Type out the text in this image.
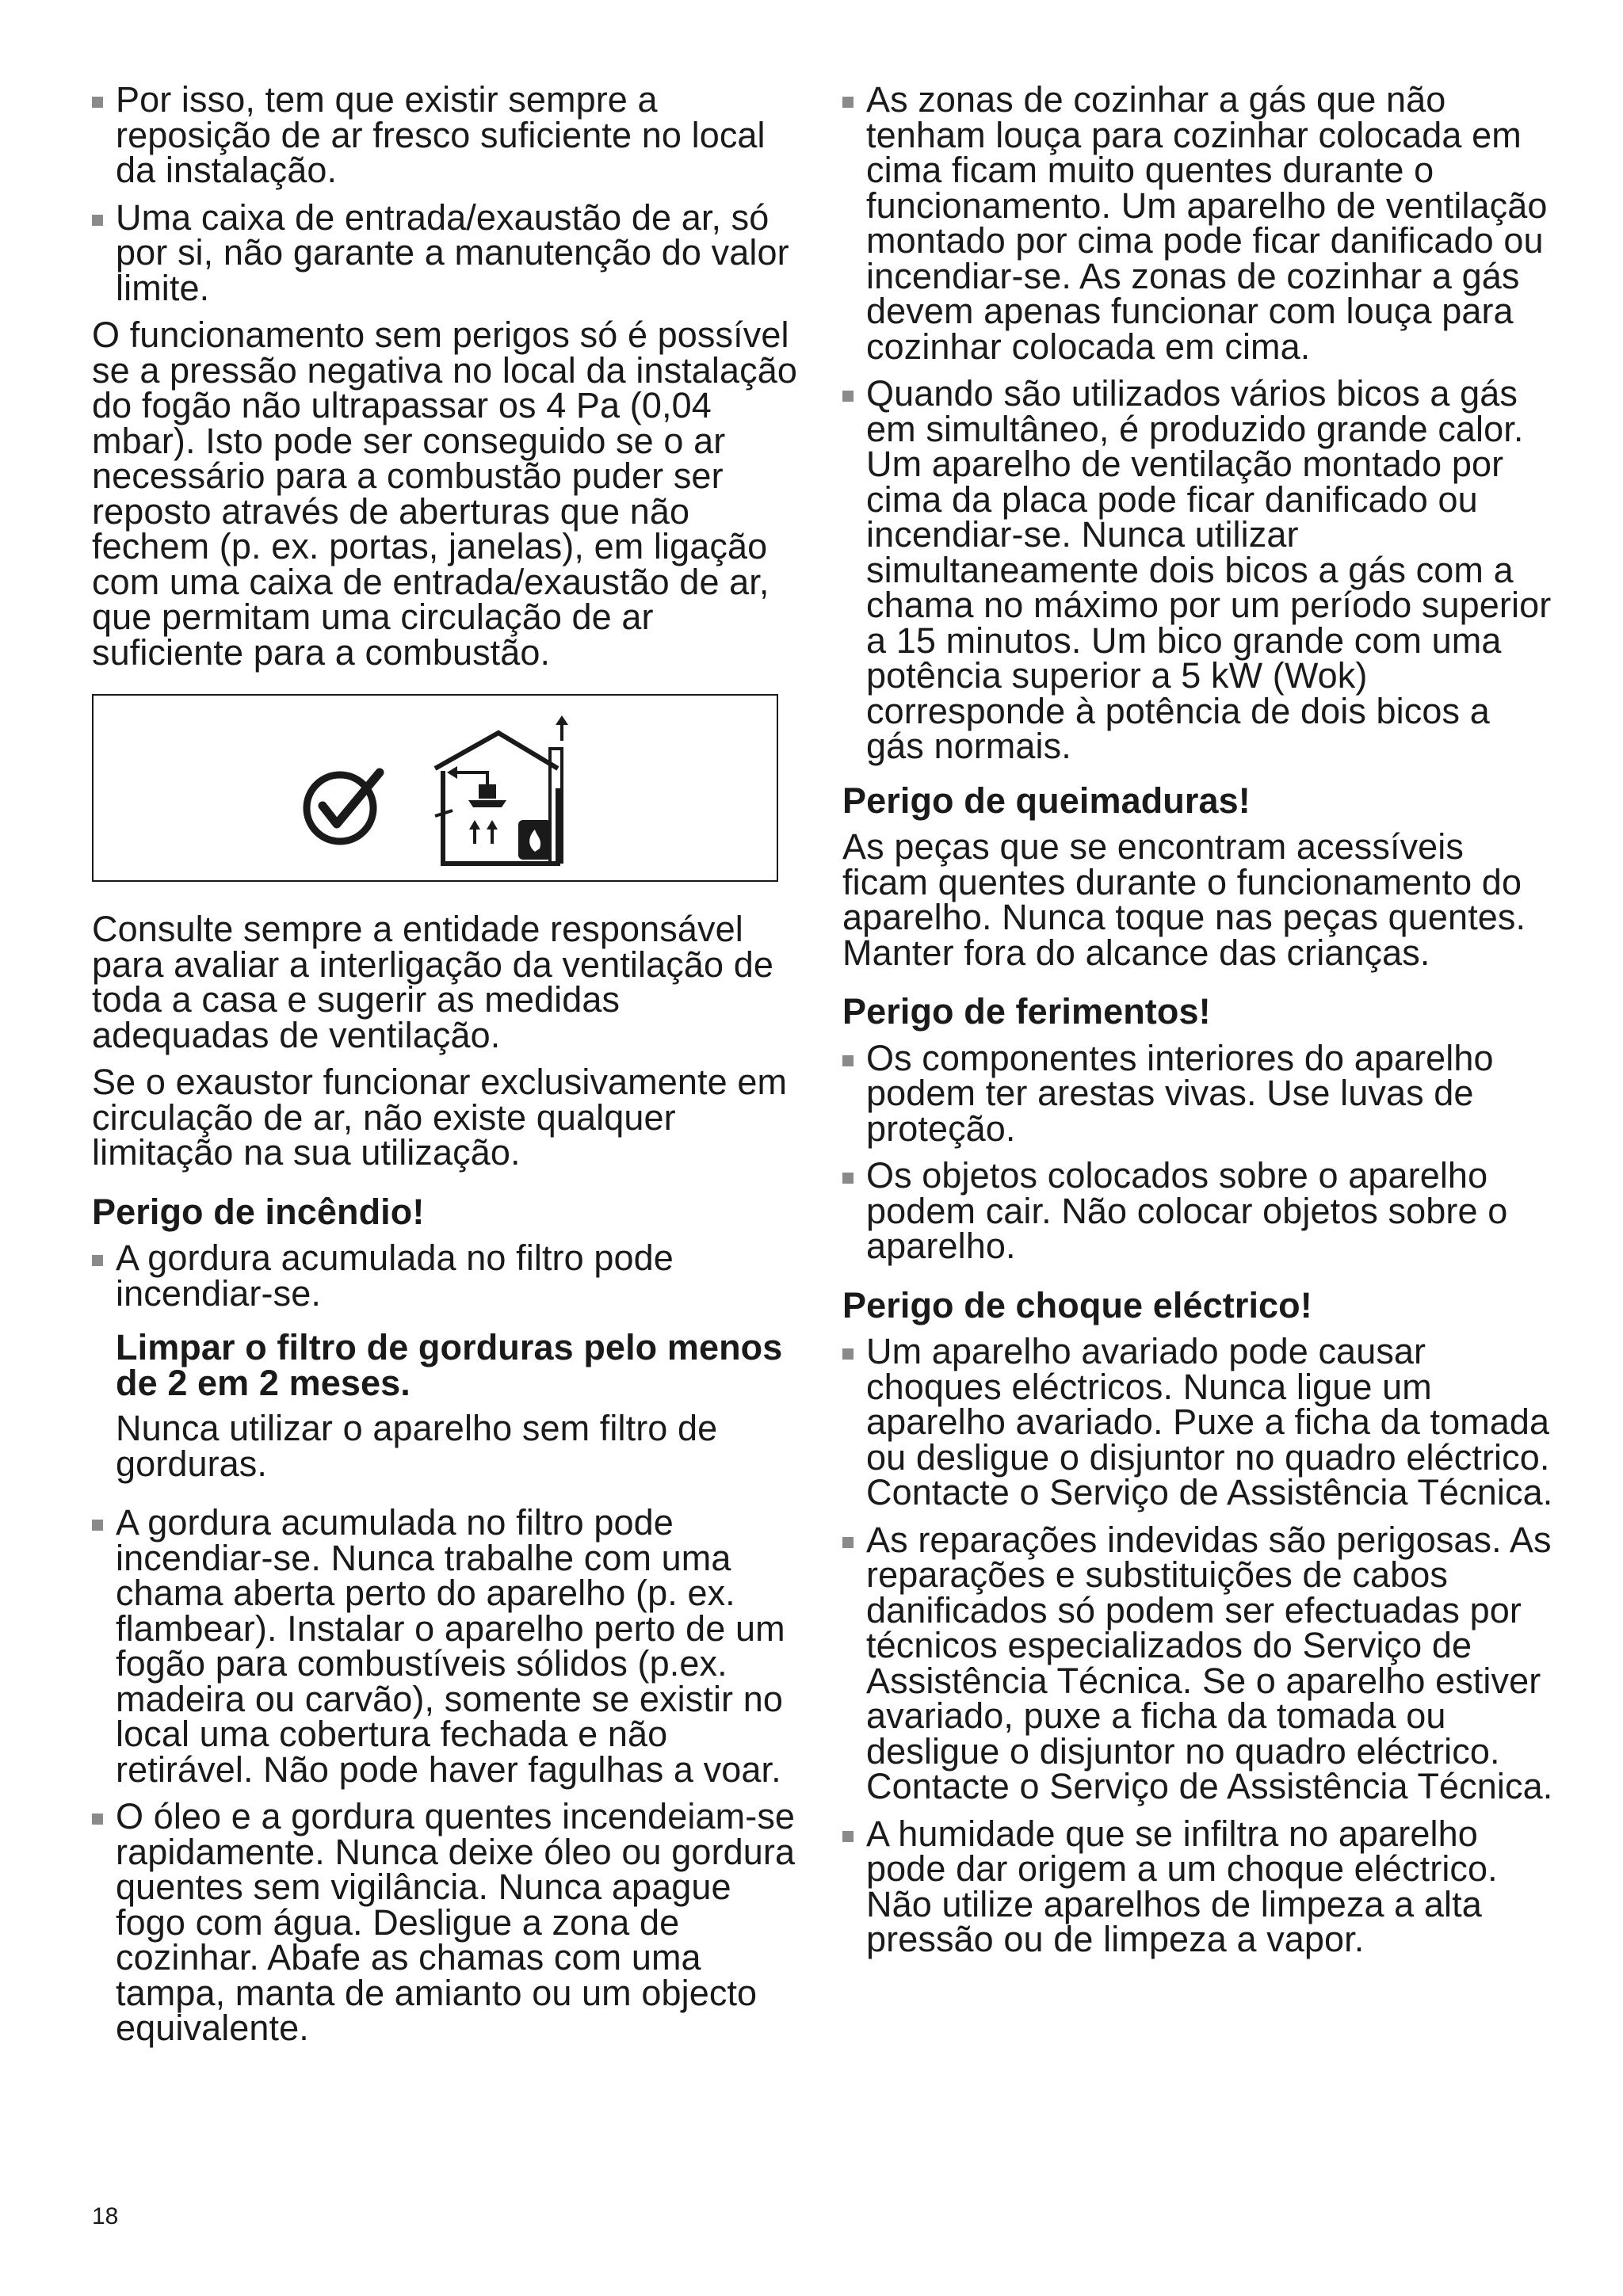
Por isso, tem que existir sempre a reposição de ar fresco suficiente no local da instalação.
Uma caixa de entrada/exaustão de ar, só por si, não garante a manutenção do valor limite.

O funcionamento sem perigos só é possível se a pressão negativa no local da instalação do fogão não ultrapassar os 4 Pa (0,04 mbar). Isto pode ser conseguido se o ar necessário para a combustão puder ser reposto através de aberturas que não fechem (p. ex. portas, janelas), em ligação com uma caixa de entrada/exaustão de ar, que permitam uma circulação de ar suficiente para a combustão.

Consulte sempre a entidade responsável para avaliar a interligação da ventilação de toda a casa e sugerir as medidas adequadas de ventilação.

Se o exaustor funcionar exclusivamente em circulação de ar, não existe qualquer limitação na sua utilização.

Perigo de incêndio!
A gordura acumulada no filtro pode incendiar-se.
Limpar o filtro de gorduras pelo menos de 2 em 2 meses.
Nunca utilizar o aparelho sem filtro de gorduras.
A gordura acumulada no filtro pode incendiar-se. Nunca trabalhe com uma chama aberta perto do aparelho (p. ex. flambear). Instalar o aparelho perto de um fogão para combustíveis sólidos (p.ex. madeira ou carvão), somente se existir no local uma cobertura fechada e não retirável. Não pode haver fagulhas a voar.
O óleo e a gordura quentes incendeiam-se rapidamente. Nunca deixe óleo ou gordura quentes sem vigilância. Nunca apague fogo com água. Desligue a zona de cozinhar. Abafe as chamas com uma tampa, manta de amianto ou um objecto equivalente.
As zonas de cozinhar a gás que não tenham louça para cozinhar colocada em cima ficam muito quentes durante o funcionamento. Um aparelho de ventilação montado por cima pode ficar danificado ou incendiar-se. As zonas de cozinhar a gás devem apenas funcionar com louça para cozinhar colocada em cima.
Quando são utilizados vários bicos a gás em simultâneo, é produzido grande calor. Um aparelho de ventilação montado por cima da placa pode ficar danificado ou incendiar-se. Nunca utilizar simultaneamente dois bicos a gás com a chama no máximo por um período superior a 15 minutos. Um bico grande com uma potência superior a 5 kW (Wok) corresponde à potência de dois bicos a gás normais.
Perigo de queimaduras!

As peças que se encontram acessíveis ficam quentes durante o funcionamento do aparelho. Nunca toque nas peças quentes. Manter fora do alcance das crianças.

Perigo de ferimentos!
Os componentes interiores do aparelho podem ter arestas vivas. Use luvas de proteção.
Os objetos colocados sobre o aparelho podem cair. Não colocar objetos sobre o aparelho.
Perigo de choque eléctrico!
Um aparelho avariado pode causar choques eléctricos. Nunca ligue um aparelho avariado. Puxe a ficha da tomada ou desligue o disjuntor no quadro eléctrico. Contacte o Serviço de Assistência Técnica.
As reparações indevidas são perigosas. As reparações e substituições de cabos danificados só podem ser efectuadas por técnicos especializados do Serviço de Assistência Técnica. Se o aparelho estiver avariado, puxe a ficha da tomada ou desligue o disjuntor no quadro eléctrico. Contacte o Serviço de Assistência Técnica.
A humidade que se infiltra no aparelho pode dar origem a um choque eléctrico. Não utilize aparelhos de limpeza a alta pressão ou de limpeza a vapor.
18
